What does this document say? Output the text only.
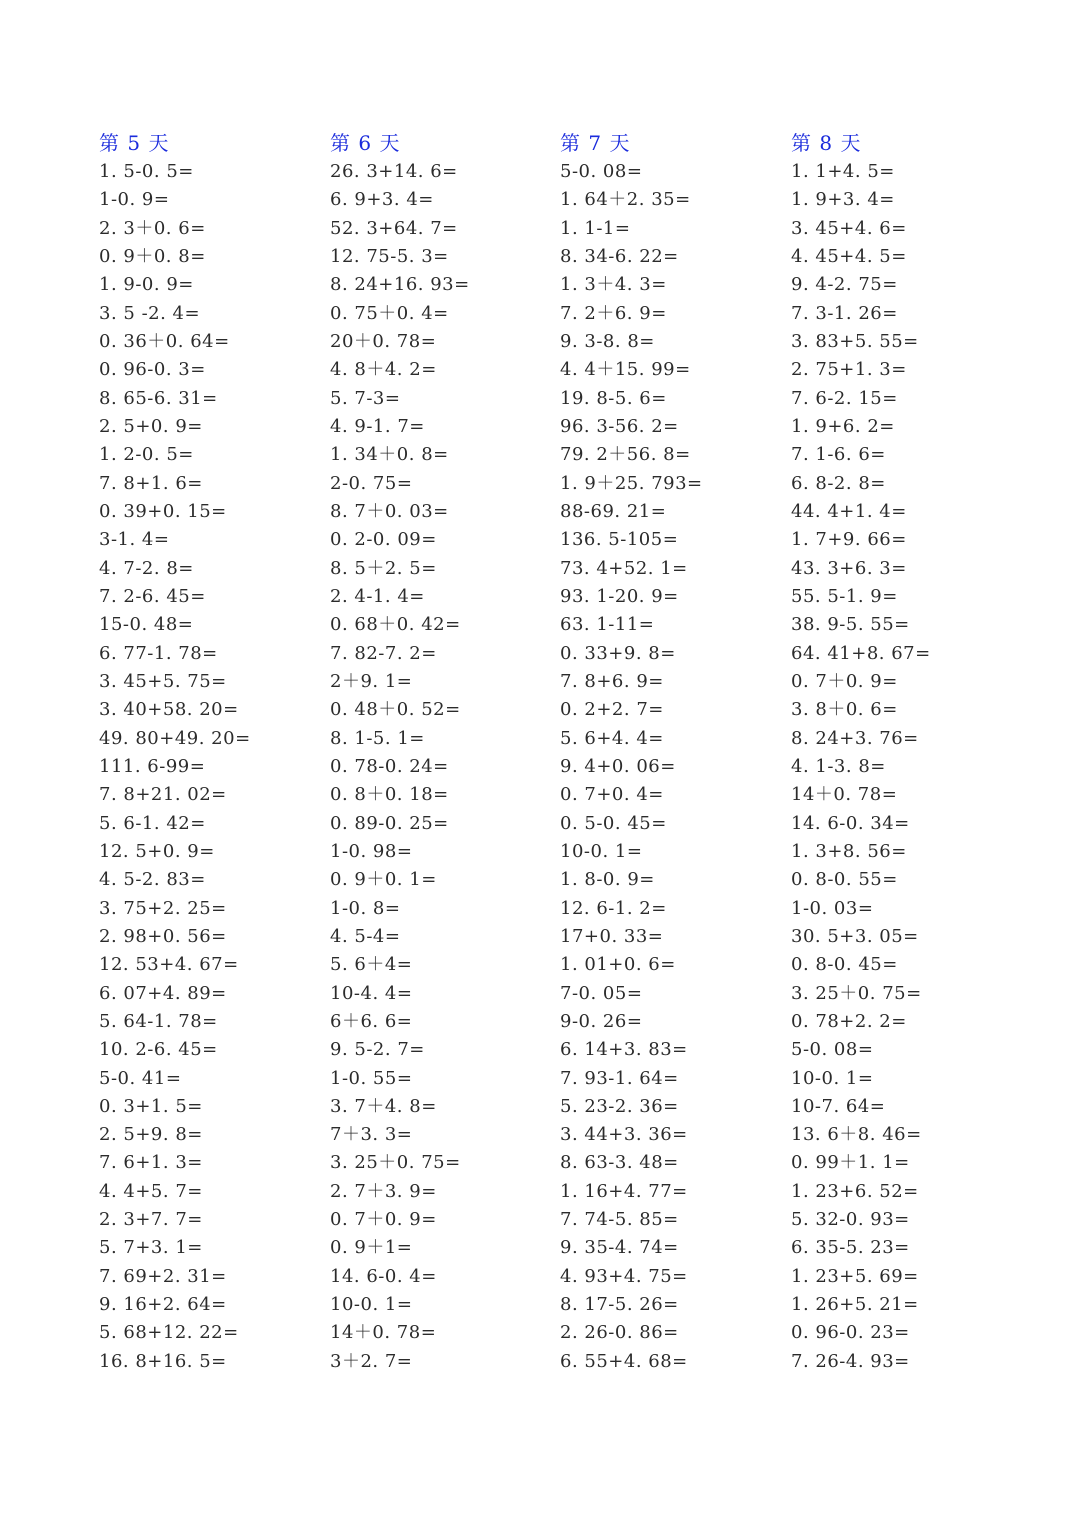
第 5 天
1. 5-0. 5=
1-0. 9=
2. 3＋0. 6=
0. 9＋0. 8=
1. 9-0. 9=
3. 5 -2. 4=
0. 36＋0. 64=
0. 96-0. 3=
8. 65-6. 31=
2. 5+0. 9=
1. 2-0. 5=
7. 8+1. 6=
0. 39+0. 15=
3-1. 4=
4. 7-2. 8=
7. 2-6. 45=
15-0. 48=
6. 77-1. 78=
3. 45+5. 75=
3. 40+58. 20=
49. 80+49. 20=
111. 6-99=
7. 8+21. 02=
5. 6-1. 42=
12. 5+0. 9=
4. 5-2. 83=
3. 75+2. 25=
2. 98+0. 56=
12. 53+4. 67=
6. 07+4. 89=
5. 64-1. 78=
10. 2-6. 45=
5-0. 41=
0. 3+1. 5=
2. 5+9. 8=
7. 6+1. 3=
4. 4+5. 7=
2. 3+7. 7=
5. 7+3. 1=
7. 69+2. 31=
9. 16+2. 64=
5. 68+12. 22=
16. 8+16. 5=
第 6 天
26. 3+14. 6=
6. 9+3. 4=
52. 3+64. 7=
12. 75-5. 3=
8. 24+16. 93=
0. 75＋0. 4=
20＋0. 78=
4. 8＋4. 2=
5. 7-3=
4. 9-1. 7=
1. 34＋0. 8=
2-0. 75=
8. 7＋0. 03=
0. 2-0. 09=
8. 5＋2. 5=
2. 4-1. 4=
0. 68＋0. 42=
7. 82-7. 2=
2＋9. 1=
0. 48＋0. 52=
8. 1-5. 1=
0. 78-0. 24=
0. 8＋0. 18=
0. 89-0. 25=
1-0. 98=
0. 9＋0. 1=
1-0. 8=
4. 5-4=
5. 6＋4=
10-4. 4=
6＋6. 6=
9. 5-2. 7=
1-0. 55=
3. 7＋4. 8=
7＋3. 3=
3. 25＋0. 75=
2. 7＋3. 9=
0. 7＋0. 9=
0. 9＋1=
14. 6-0. 4=
10-0. 1=
14＋0. 78=
3＋2. 7=
第 7 天
5-0. 08=
1. 64＋2. 35=
1. 1-1=
8. 34-6. 22=
1. 3＋4. 3=
7. 2＋6. 9=
9. 3-8. 8=
4. 4＋15. 99=
19. 8-5. 6=
96. 3-56. 2=
79. 2＋56. 8=
1. 9＋25. 793=
88-69. 21=
136. 5-105=
73. 4+52. 1=
93. 1-20. 9=
63. 1-11=
0. 33+9. 8=
7. 8+6. 9=
0. 2+2. 7=
5. 6+4. 4=
9. 4+0. 06=
0. 7+0. 4=
0. 5-0. 45=
10-0. 1=
1. 8-0. 9=
12. 6-1. 2=
17+0. 33=
1. 01+0. 6=
7-0. 05=
9-0. 26=
6. 14+3. 83=
7. 93-1. 64=
5. 23-2. 36=
3. 44+3. 36=
8. 63-3. 48=
1. 16+4. 77=
7. 74-5. 85=
9. 35-4. 74=
4. 93+4. 75=
8. 17-5. 26=
2. 26-0. 86=
6. 55+4. 68=
第 8 天
1. 1+4. 5=
1. 9+3. 4=
3. 45+4. 6=
4. 45+4. 5=
9. 4-2. 75=
7. 3-1. 26=
3. 83+5. 55=
2. 75+1. 3=
7. 6-2. 15=
1. 9+6. 2=
7. 1-6. 6=
6. 8-2. 8=
44. 4+1. 4=
1. 7+9. 66=
43. 3+6. 3=
55. 5-1. 9=
38. 9-5. 55=
64. 41+8. 67=
0. 7＋0. 9=
3. 8＋0. 6=
8. 24+3. 76=
4. 1-3. 8=
14＋0. 78=
14. 6-0. 34=
1. 3+8. 56=
0. 8-0. 55=
1-0. 03=
30. 5+3. 05=
0. 8-0. 45=
3. 25＋0. 75=
0. 78+2. 2=
5-0. 08=
10-0. 1=
10-7. 64=
13. 6＋8. 46=
0. 99＋1. 1=
1. 23+6. 52=
5. 32-0. 93=
6. 35-5. 23=
1. 23+5. 69=
1. 26+5. 21=
0. 96-0. 23=
7. 26-4. 93=
